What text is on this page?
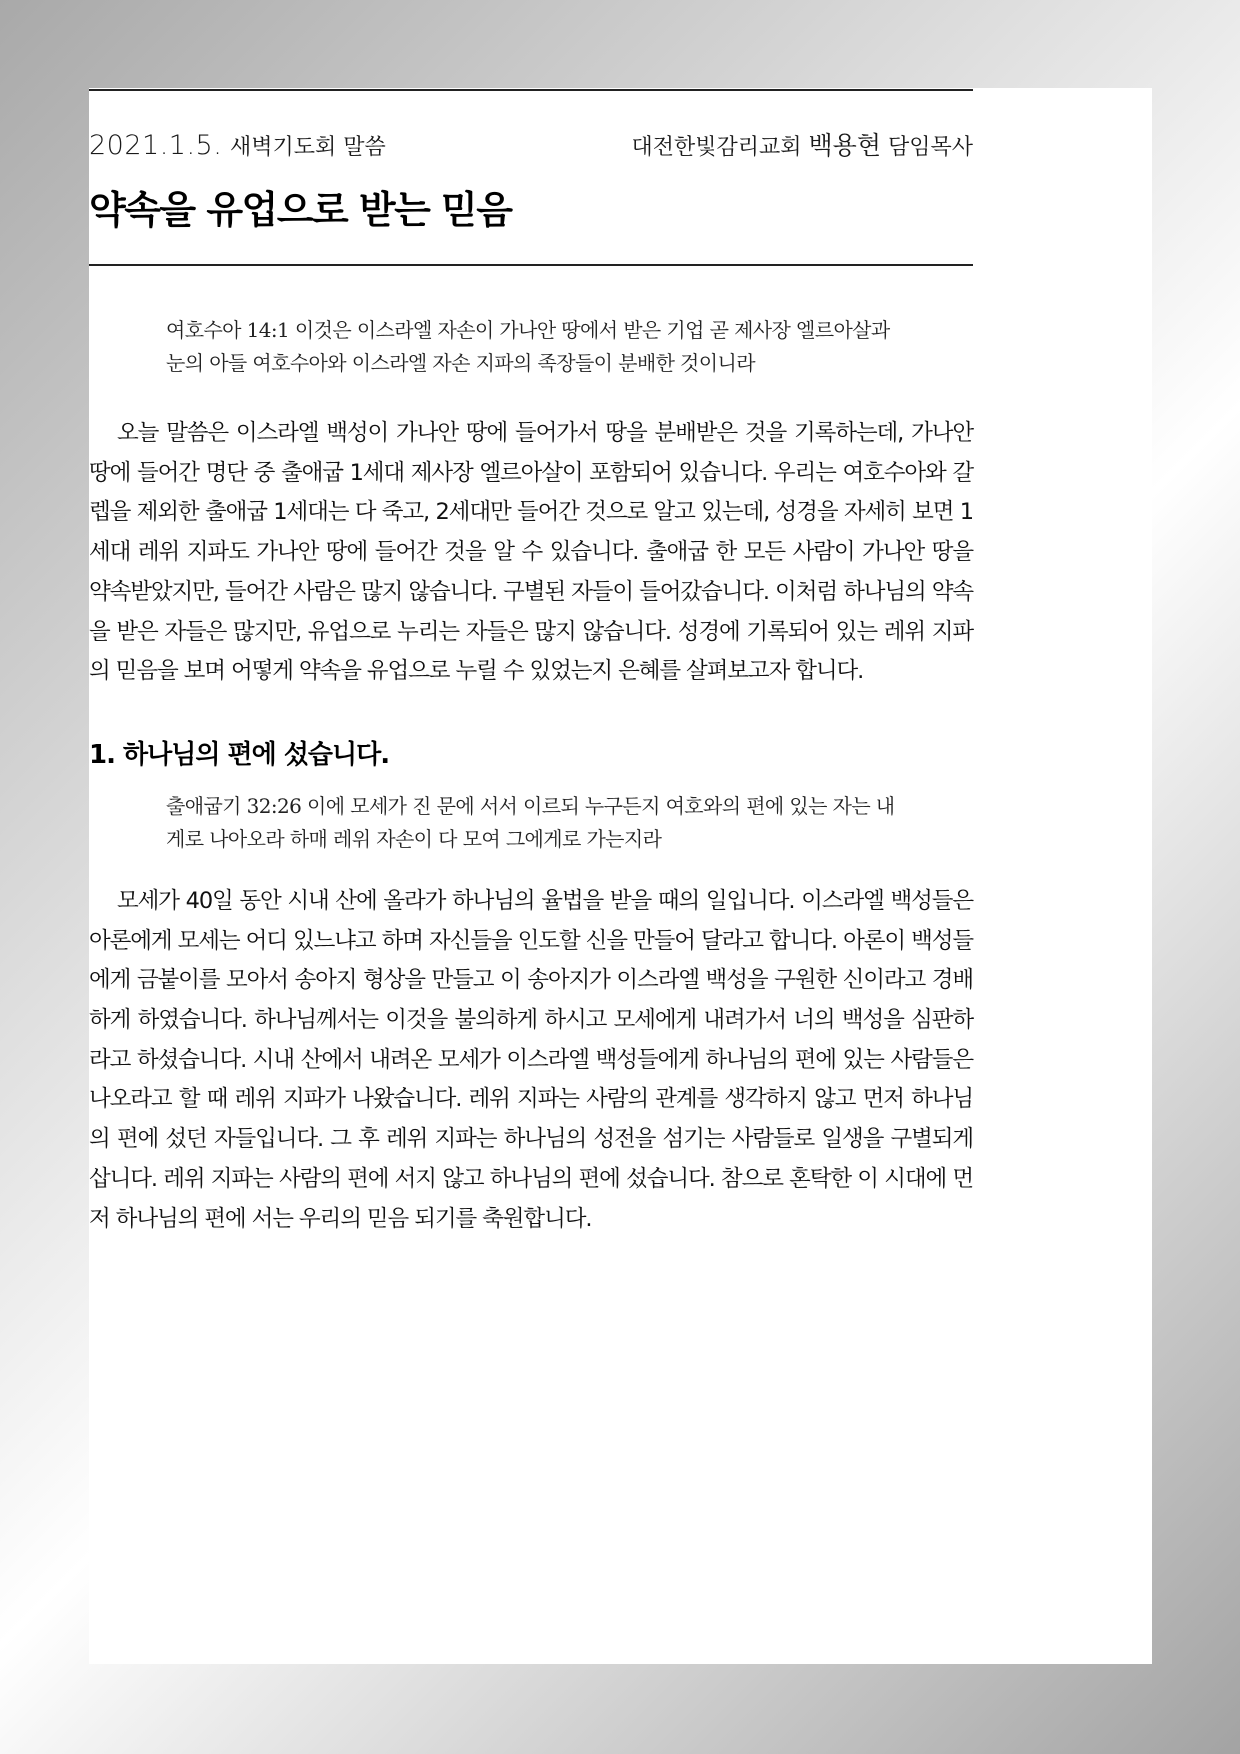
2021.1.5. 새벽기도회 말씀	대전한빛감리교회 백용현 담임목사
약속을 유업으로 받는 믿음
여호수아 14:1 이것은 이스라엘 자손이 가나안 땅에서 받은 기업 곧 제사장 엘르아살과 눈의 아들 여호수아와 이스라엘 자손 지파의 족장들이 분배한 것이니라

오늘 말씀은 이스라엘 백성이 가나안 땅에 들어가서 땅을 분배받은 것을 기록하는데, 가나안 땅에 들어간 명단 중 출애굽 1세대 제사장 엘르아살이 포함되어 있습니다. 우리는 여호수아와 갈렙을 제외한 출애굽 1세대는 다 죽고, 2세대만 들어간 것으로 알고 있는데, 성경을 자세히 보면 1세대 레위 지파도 가나안 땅에 들어간 것을 알 수 있습니다. 출애굽 한 모든 사람이 가나안 땅을 약속받았지만, 들어간 사람은 많지 않습니다. 구별된 자들이 들어갔습니다. 이처럼 하나님의 약속을 받은 자들은 많지만, 유업으로 누리는 자들은 많지 않습니다. 성경에 기록되어 있는 레위 지파의 믿음을 보며 어떻게 약속을 유업으로 누릴 수 있었는지 은혜를 살펴보고자 합니다.

1. 하나님의 편에 섰습니다.
출애굽기 32:26 이에 모세가 진 문에 서서 이르되 누구든지 여호와의 편에 있는 자는 내게로 나아오라 하매 레위 자손이 다 모여 그에게로 가는지라

모세가 40일 동안 시내 산에 올라가 하나님의 율법을 받을 때의 일입니다. 이스라엘 백성들은 아론에게 모세는 어디 있느냐고 하며 자신들을 인도할 신을 만들어 달라고 합니다. 아론이 백성들에게 금붙이를 모아서 송아지 형상을 만들고 이 송아지가 이스라엘 백성을 구원한 신이라고 경배하게 하였습니다. 하나님께서는 이것을 불의하게 하시고 모세에게 내려가서 너의 백성을 심판하라고 하셨습니다. 시내 산에서 내려온 모세가 이스라엘 백성들에게 하나님의 편에 있는 사람들은 나오라고 할 때 레위 지파가 나왔습니다. 레위 지파는 사람의 관계를 생각하지 않고 먼저 하나님의 편에 섰던 자들입니다. 그 후 레위 지파는 하나님의 성전을 섬기는 사람들로 일생을 구별되게 삽니다. 레위 지파는 사람의 편에 서지 않고 하나님의 편에 섰습니다. 참으로 혼탁한 이 시대에 먼저 하나님의 편에 서는 우리의 믿음 되기를 축원합니다.
